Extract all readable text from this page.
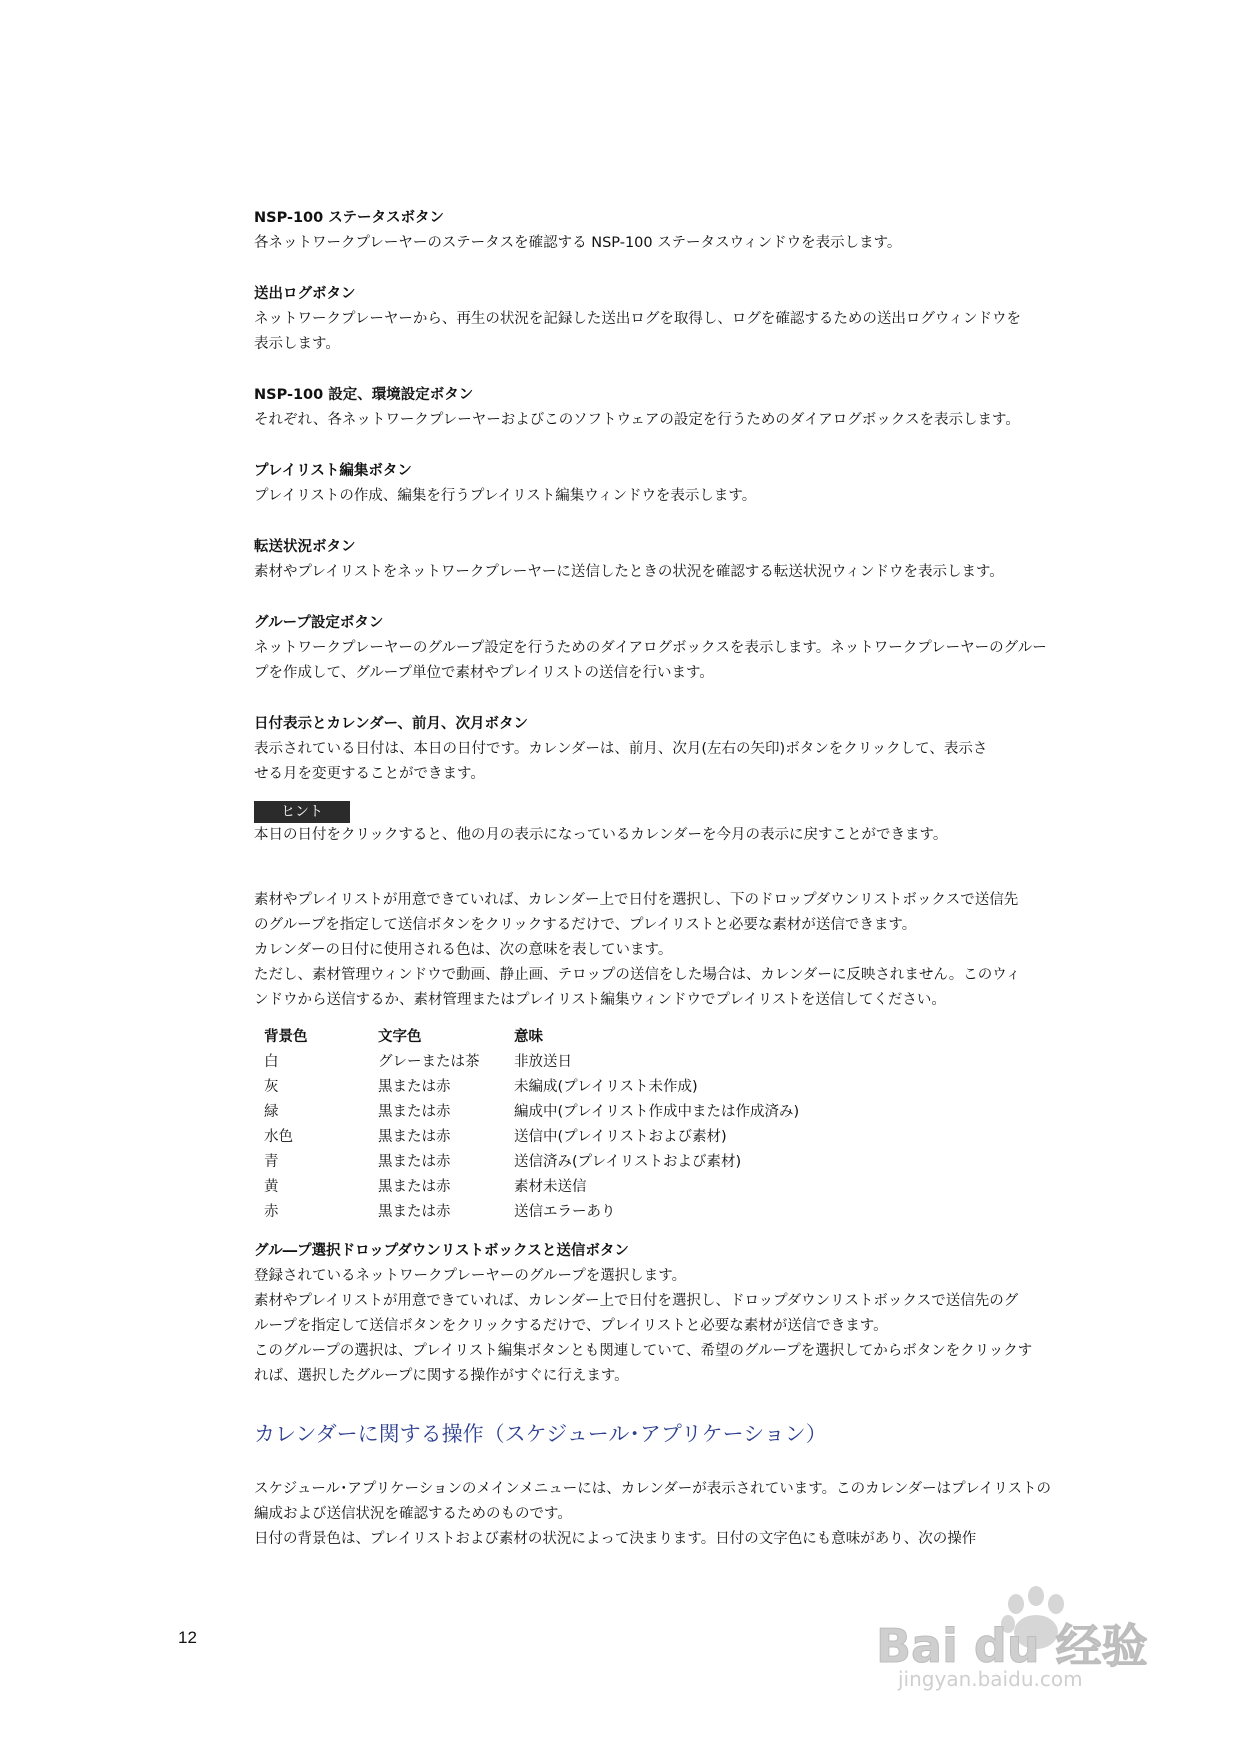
NSP-100 ステータスボタン

各ネットワークプレーヤーのステータスを確認する NSP-100 ステータスウィンドウを表示します。

送出ログボタン

ネットワークプレーヤーから、再生の状況を記録した送出ログを取得し、ログを確認するための送出ログウィンドウを

表示します。

NSP-100 設定、環境設定ボタン

それぞれ、各ネットワークプレーヤーおよびこのソフトウェアの設定を行うためのダイアログボックスを表示します。

プレイリスト編集ボタン

プレイリストの作成、編集を行うプレイリスト編集ウィンドウを表示します。

転送状況ボタン

素材やプレイリストをネットワークプレーヤーに送信したときの状況を確認する転送状況ウィンドウを表示します。

グループ設定ボタン

ネットワークプレーヤーのグループ設定を行うためのダイアログボックスを表示します。ネットワークプレーヤーのグルー

プを作成して、グループ単位で素材やプレイリストの送信を行います。

日付表示とカレンダー、前月、次月ボタン

表示されている日付は、本日の日付です。カレンダーは、前月、次月(左右の矢印)ボタンをクリックして、表示さ

せる月を変更することができます。

ヒント

本日の日付をクリックすると、他の月の表示になっているカレンダーを今月の表示に戻すことができます。

素材やプレイリストが用意できていれば、カレンダー上で日付を選択し、下のドロップダウンリストボックスで送信先

のグループを指定して送信ボタンをクリックするだけで、プレイリストと必要な素材が送信できます。

カレンダーの日付に使用される色は、次の意味を表しています。

ただし、素材管理ウィンドウで動画、静止画、テロップの送信をした場合は、カレンダーに反映されません。このウィ

ンドウから送信するか、素材管理またはプレイリスト編集ウィンドウでプレイリストを送信してください。

背景色	文字色	意味
白	グレーまたは茶	非放送日
灰	黒または赤	未編成(プレイリスト未作成)
緑	黒または赤	編成中(プレイリスト作成中または作成済み)
水色	黒または赤	送信中(プレイリストおよび素材)
青	黒または赤	送信済み(プレイリストおよび素材)
黄	黒または赤	素材未送信
赤	黒または赤	送信エラーあり

グル―プ選択ドロップダウンリストボックスと送信ボタン

登録されているネットワークプレーヤーのグループを選択します。

素材やプレイリストが用意できていれば、カレンダー上で日付を選択し、ドロップダウンリストボックスで送信先のグ

ループを指定して送信ボタンをクリックするだけで、プレイリストと必要な素材が送信できます。

このグループの選択は、プレイリスト編集ボタンとも関連していて、希望のグループを選択してからボタンをクリックす

れば、選択したグループに関する操作がすぐに行えます。

カレンダーに関する操作（スケジュール･アプリケーション）

スケジュール･アプリケーションのメインメニューには、カレンダーが表示されています。このカレンダーはプレイリストの

編成および送信状況を確認するためのものです。

日付の背景色は、プレイリストおよび素材の状況によって決まります。日付の文字色にも意味があり、次の操作

12	Bai du 经验
jingyan.baidu.com
